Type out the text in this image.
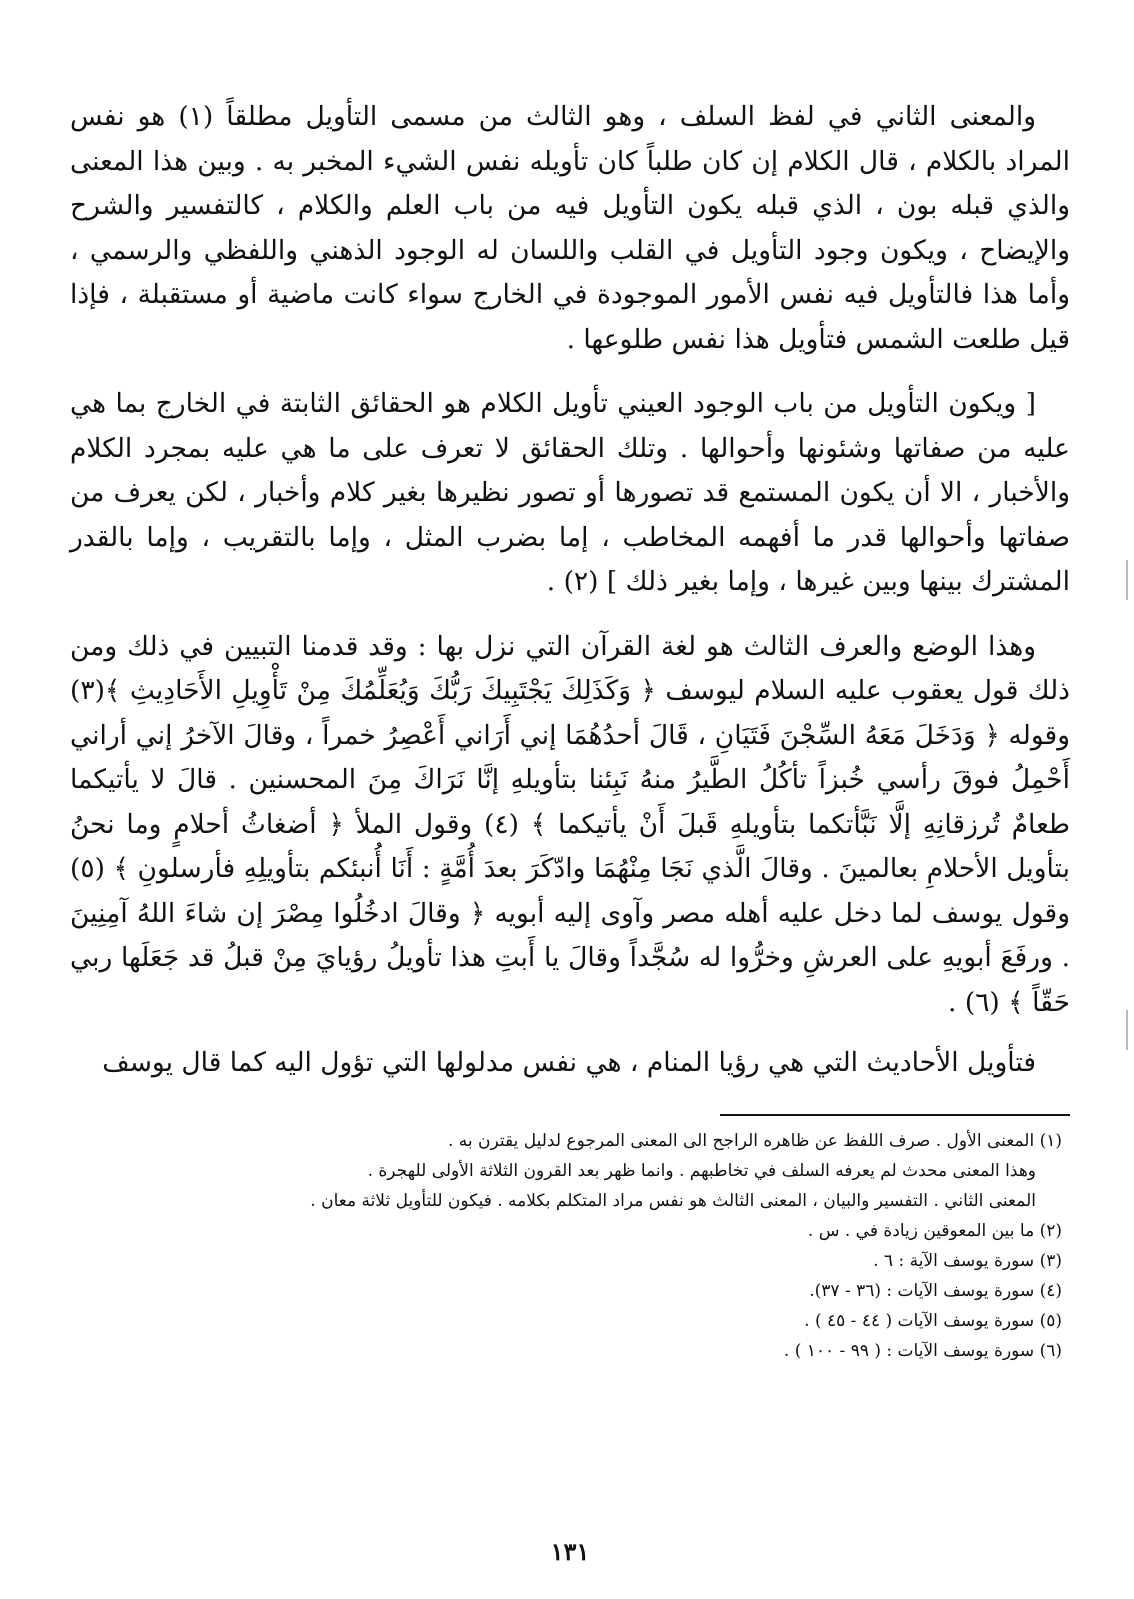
والمعنى الثاني في لفظ السلف ، وهو الثالث من مسمى التأويل مطلقاً (١) هو نفس المراد بالكلام ، قال الكلام إن كان طلباً كان تأويله نفس الشيء المخبر به . وبين هذا المعنى والذي قبله بون ، الذي قبله يكون التأويل فيه من باب العلم والكلام ، كالتفسير والشرح والإيضاح ، ويكون وجود التأويل في القلب واللسان له الوجود الذهني واللفظي والرسمي ، وأما هذا فالتأويل فيه نفس الأمور الموجودة في الخارج سواء كانت ماضية أو مستقبلة ، فإذا قيل طلعت الشمس فتأويل هذا نفس طلوعها .

[ ويكون التأويل من باب الوجود العيني تأويل الكلام هو الحقائق الثابتة في الخارج بما هي عليه من صفاتها وشئونها وأحوالها . وتلك الحقائق لا تعرف على ما هي عليه بمجرد الكلام والأخبار ، الا أن يكون المستمع قد تصورها أو تصور نظيرها بغير كلام وأخبار ، لكن يعرف من صفاتها وأحوالها قدر ما أفهمه المخاطب ، إما بضرب المثل ، وإما بالتقريب ، وإما بالقدر المشترك بينها وبين غيرها ، وإما بغير ذلك ] (٢) .

وهذا الوضع والعرف الثالث هو لغة القرآن التي نزل بها : وقد قدمنا التبيين في ذلك ومن ذلك قول يعقوب عليه السلام ليوسف ﴿ وَكَذَلِكَ يَجْتَبِيكَ رَبُّكَ وَيُعَلِّمُكَ مِنْ تَأْوِيلِ الأَحَادِيثِ ﴾(٣) وقوله ﴿ وَدَخَلَ مَعَهُ السِّجْنَ فَتَيَانِ ، قَالَ أحدُهُمَا إني أَرَاني أَعْصِرُ خمراً ، وقالَ الآخرُ إني أراني أَحْمِلُ فوقَ رأسي خُبزاً تأكُلُ الطَّيرُ منهُ نَبِئنا بتأويلهِ إنَّا نَرَاكَ مِنَ المحسنين . قالَ لا يأتيكما طعامٌ تُرزقانِهِ إلَّا نَبَّأتكما بتأويلهِ قَبلَ أَنْ يأتيكما ﴾ (٤) وقول الملأ ﴿ أضغاثُ أحلامٍ وما نحنُ بتأويل الأحلامِ بعالمينَ . وقالَ الَّذي نَجَا مِنْهُمَا وادّكَرَ بعدَ أُمَّةٍ : أَنَا أُنبئكم بتأويلِهِ فأرسلونِ ﴾ (٥) وقول يوسف لما دخل عليه أهله مصر وآوى إليه أبويه ﴿ وقالَ ادخُلُوا مِصْرَ إن شاءَ اللهُ آمِنِينَ . ورفَعَ أبويهِ على العرشِ وخرُّوا له سُجَّداً وقالَ يا أَبتِ هذا تأويلُ رؤيايَ مِنْ قبلُ قد جَعَلَها ربي حَقّاً ﴾ (٦) .

فتأويل الأحاديث التي هي رؤيا المنام ، هي نفس مدلولها التي تؤول اليه كما قال يوسف

(١) المعنى الأول . صرف اللفظ عن ظاهره الراجح الى المعنى المرجوع لدليل يقترن به .

وهذا المعنى محدث لم يعرفه السلف في تخاطبهم . وانما ظهر بعد القرون الثلاثة الأولى للهجرة .

المعنى الثاني . التفسير والبيان ، المعنى الثالث هو نفس مراد المتكلم بكلامه . فيكون للتأويل ثلاثة معان .

(٢) ما بين المعوقين زيادة في . س .

(٣) سورة يوسف الآية : ٦ .

(٤) سورة يوسف الآيات : (٣٦ - ٣٧).

(٥) سورة يوسف الآيات ( ٤٤ - ٤٥ ) .

(٦) سورة يوسف الآيات : ( ٩٩ - ١٠٠ ) .

١٣١
